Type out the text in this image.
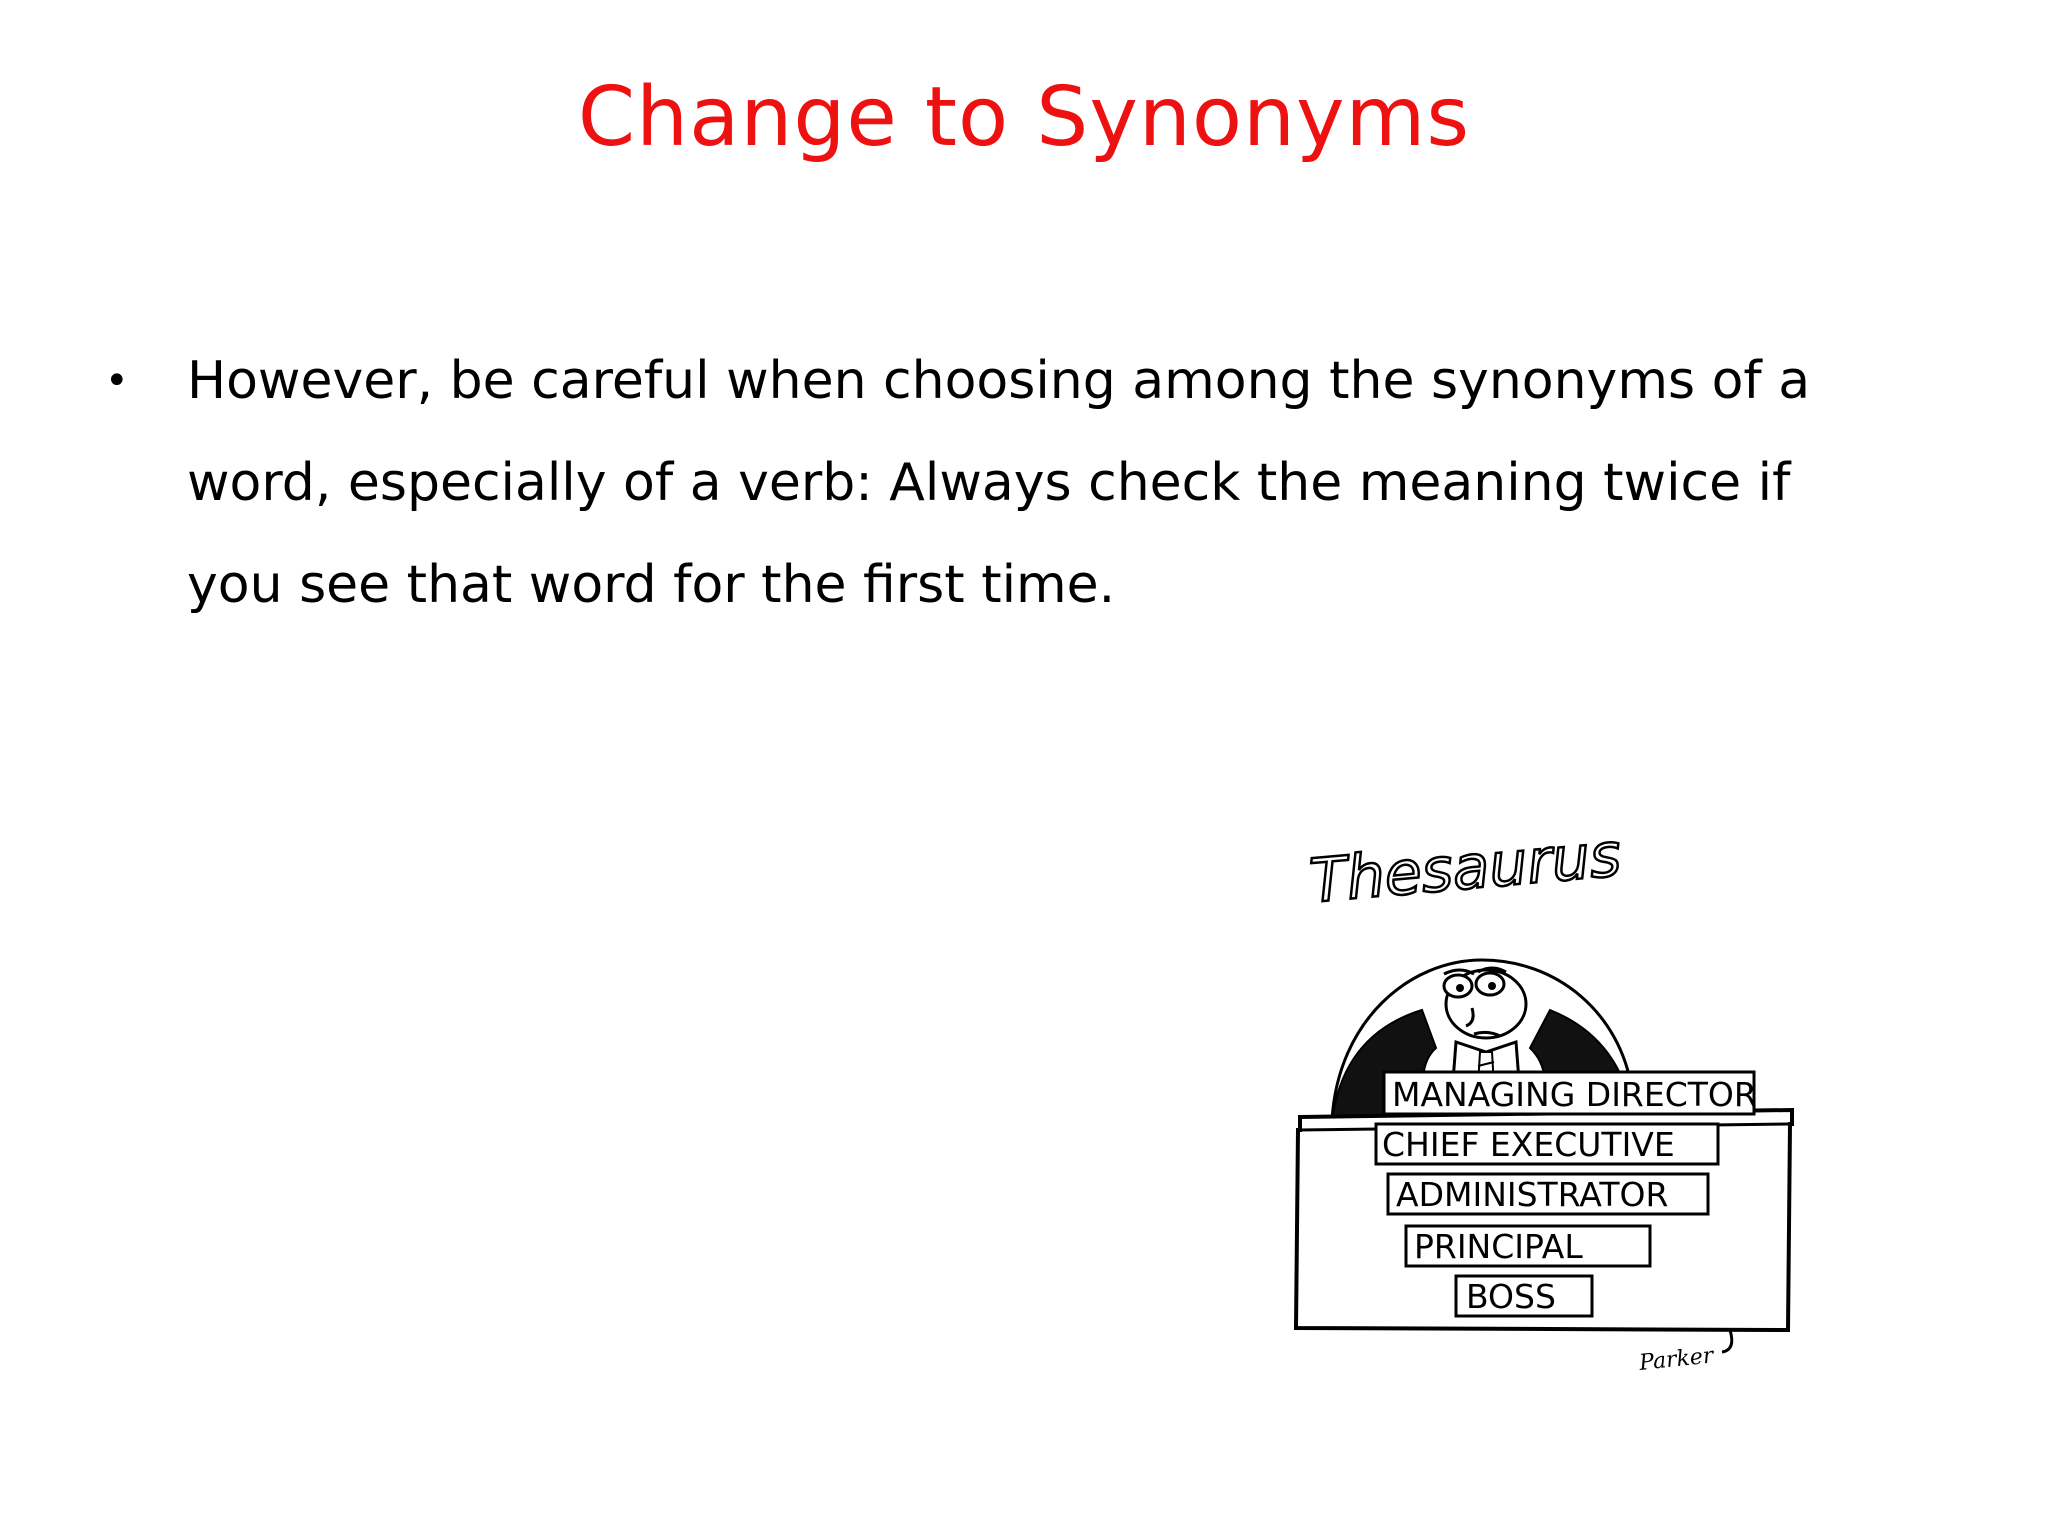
Change to Synonyms
•	However, be careful when choosing among the synonyms of a
word, especially of a verb: Always check the meaning twice if
you see that word for the first time.
Thesaurus
MANAGING DIRECTOR
CHIEF EXECUTIVE
ADMINISTRATOR
PRINCIPAL
BOSS
Parker
